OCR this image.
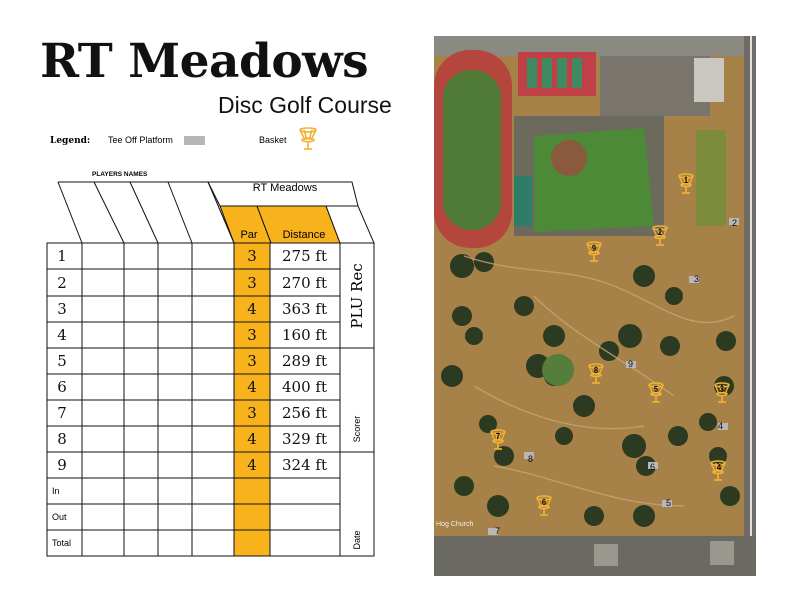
RT Meadows
Disc Golf Course
Legend: Tee Off Platform	Basket
PLAYERS NAMES
RT Meadows
Par	Distance
1	3	275 ft
2	3	270 ft
3	4	363 ft
4	3	160 ft
5	3	289 ft
6	4	400 ft
7	3	256 ft
8	4	329 ft
9	4	324 ft
In
Out
Total
PLU Rec
Scorer
Date
2
3
4
5
6
7
8
9
Hog Church
1
2
3
4
5
6
7
8
9
